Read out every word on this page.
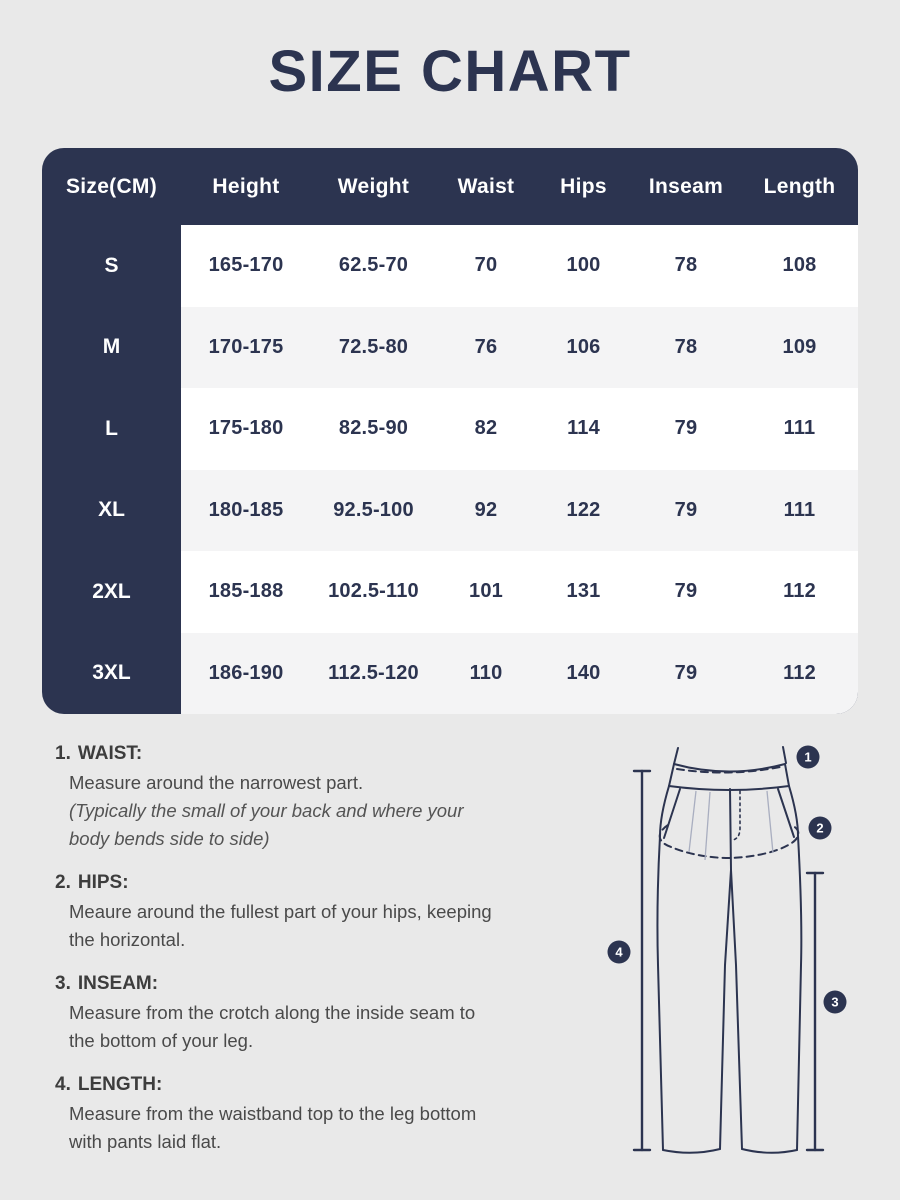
SIZE CHART
Size(CM)	Height	Weight	Waist	Hips	Inseam	Length
S	165-170	62.5-70	70	100	78	108
M	170-175	72.5-80	76	106	78	109
L	175-180	82.5-90	82	114	79	111
XL	180-185	92.5-100	92	122	79	111
2XL	185-188	102.5-110	101	131	79	112
3XL	186-190	112.5-120	110	140	79	112
1. WAIST:
Measure around the narrowest part.
(Typically the small of your back and where your
body bends side to side)
2. HIPS:
Meaure around the fullest part of your hips, keeping
the horizontal.
3. INSEAM:
Measure from the crotch along the inside seam to
the bottom of your leg.
4. LENGTH:
Measure from the waistband top to the leg bottom
with pants laid flat.
1
2
3
4
